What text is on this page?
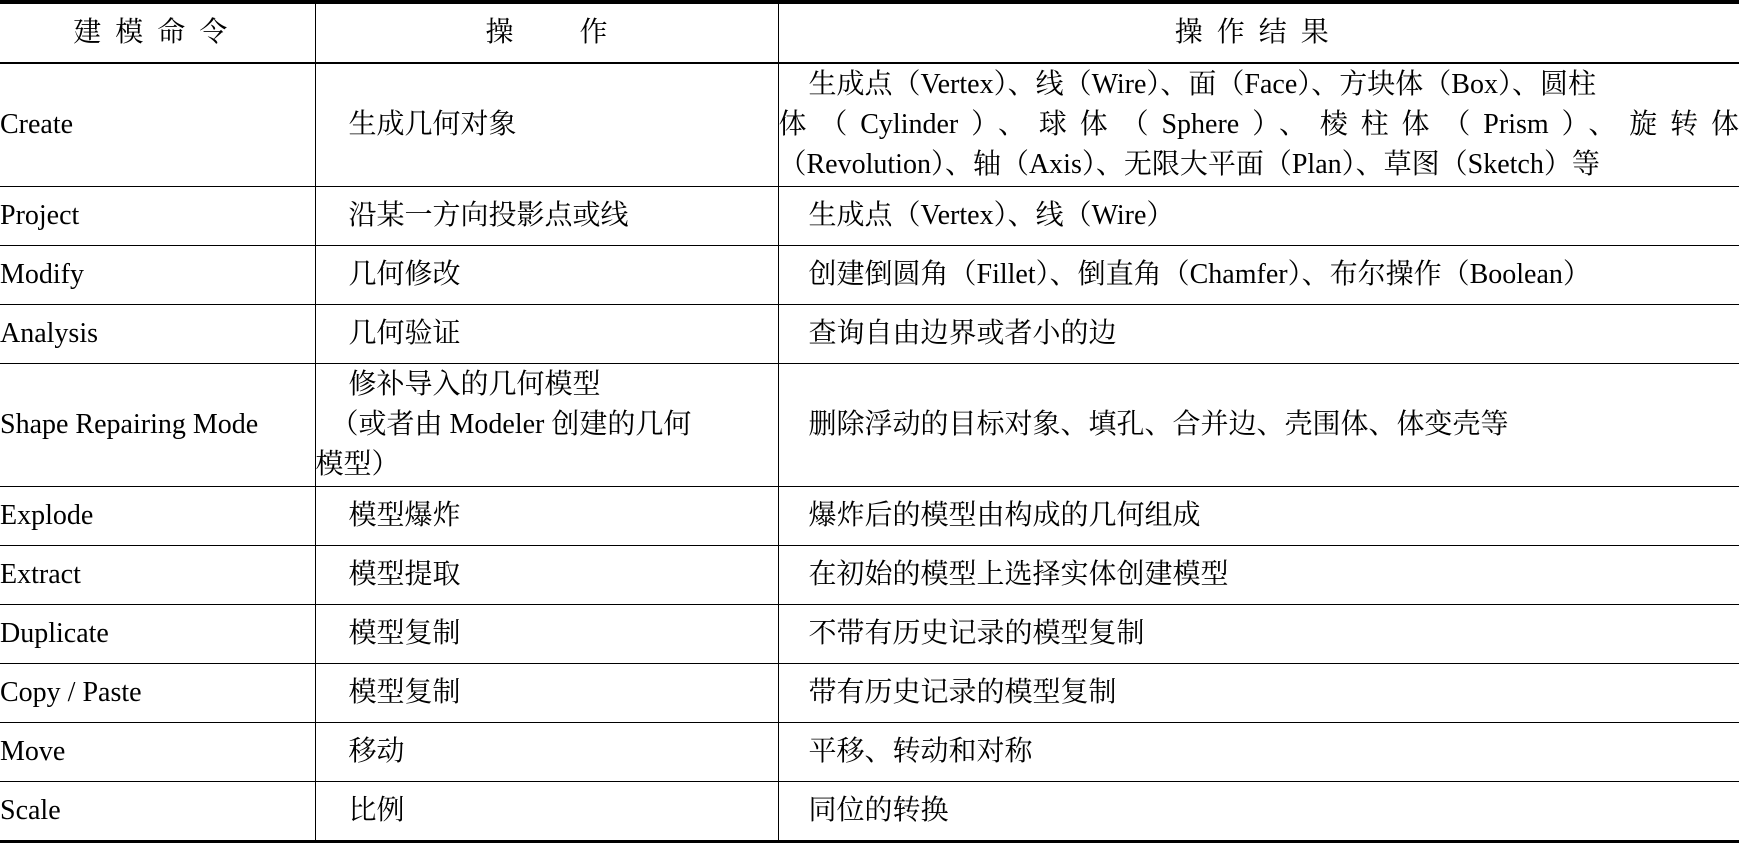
建模命令	操作	操作结果
Create	生成几何对象	生成点（Vertex）、线（Wire）、面（Face）、方块体（Box）、圆柱
体（Cylinder）、球体（Sphere）、棱柱体（Prism）、旋转体
（Revolution）、轴（Axis）、无限大平面（Plan）、草图（Sketch）等

Project	沿某一方向投影点或线	生成点（Vertex）、线（Wire）

Modify	几何修改	创建倒圆角（Fillet）、倒直角（Chamfer）、布尔操作（Boolean）

Analysis	几何验证	查询自由边界或者小的边

Shape Repairing Mode	修补导入的几何模型
（或者由 Modeler 创建的几何
模型）	删除浮动的目标对象、填孔、合并边、壳围体、体变壳等

Explode	模型爆炸	爆炸后的模型由构成的几何组成

Extract	模型提取	在初始的模型上选择实体创建模型

Duplicate	模型复制	不带有历史记录的模型复制

Copy / Paste	模型复制	带有历史记录的模型复制

Move	移动	平移、转动和对称

Scale	比例	同位的转换
